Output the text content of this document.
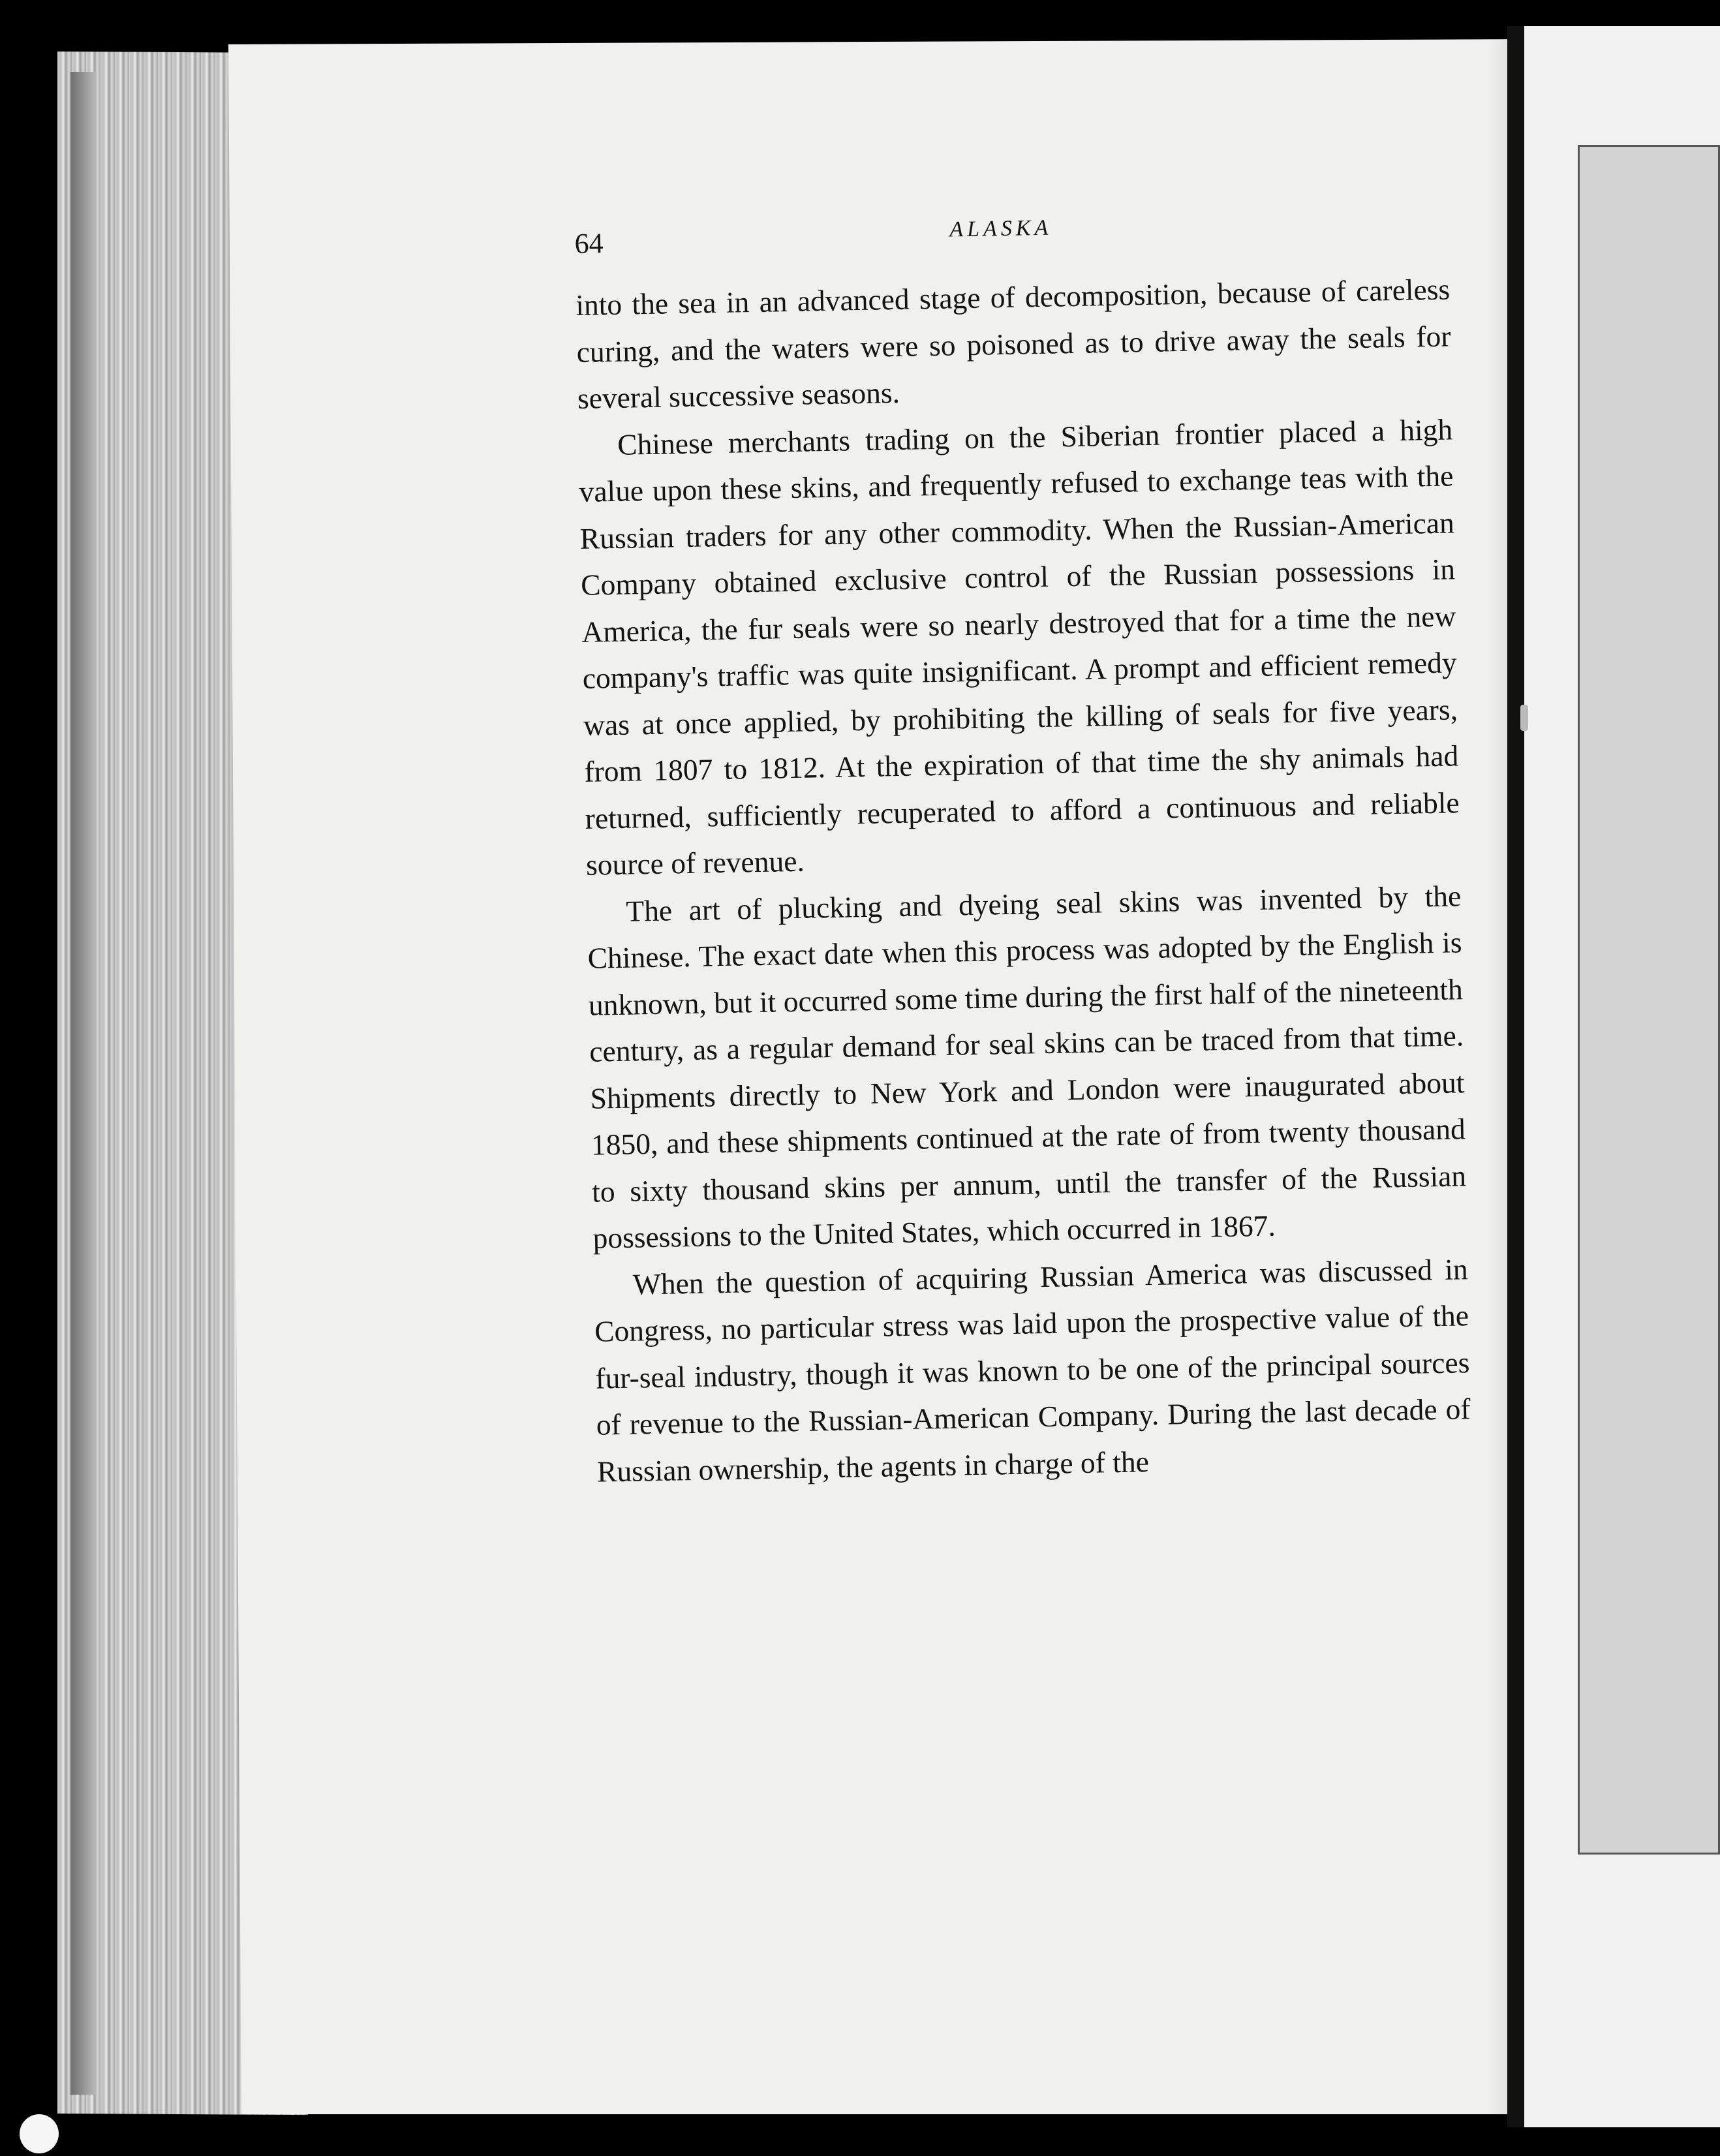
64	ALASKA

into the sea in an advanced stage of decomposition, because of careless curing, and the waters were so poisoned as to drive away the seals for several successive seasons.

Chinese merchants trading on the Siberian frontier placed a high value upon these skins, and frequently refused to exchange teas with the Russian traders for any other commodity. When the Russian-American Company obtained exclusive control of the Russian possessions in America, the fur seals were so nearly destroyed that for a time the new company's traffic was quite insignificant. A prompt and efficient remedy was at once applied, by prohibiting the killing of seals for five years, from 1807 to 1812. At the expiration of that time the shy animals had returned, sufficiently recuperated to afford a continuous and reliable source of revenue.

The art of plucking and dyeing seal skins was invented by the Chinese. The exact date when this process was adopted by the English is unknown, but it occurred some time during the first half of the nineteenth century, as a regular demand for seal skins can be traced from that time. Shipments directly to New York and London were inaugurated about 1850, and these shipments continued at the rate of from twenty thousand to sixty thousand skins per annum, until the transfer of the Russian possessions to the United States, which occurred in 1867.

When the question of acquiring Russian America was discussed in Congress, no particular stress was laid upon the prospective value of the fur-seal industry, though it was known to be one of the principal sources of revenue to the Russian-American Company. During the last decade of Russian ownership, the agents in charge of the
